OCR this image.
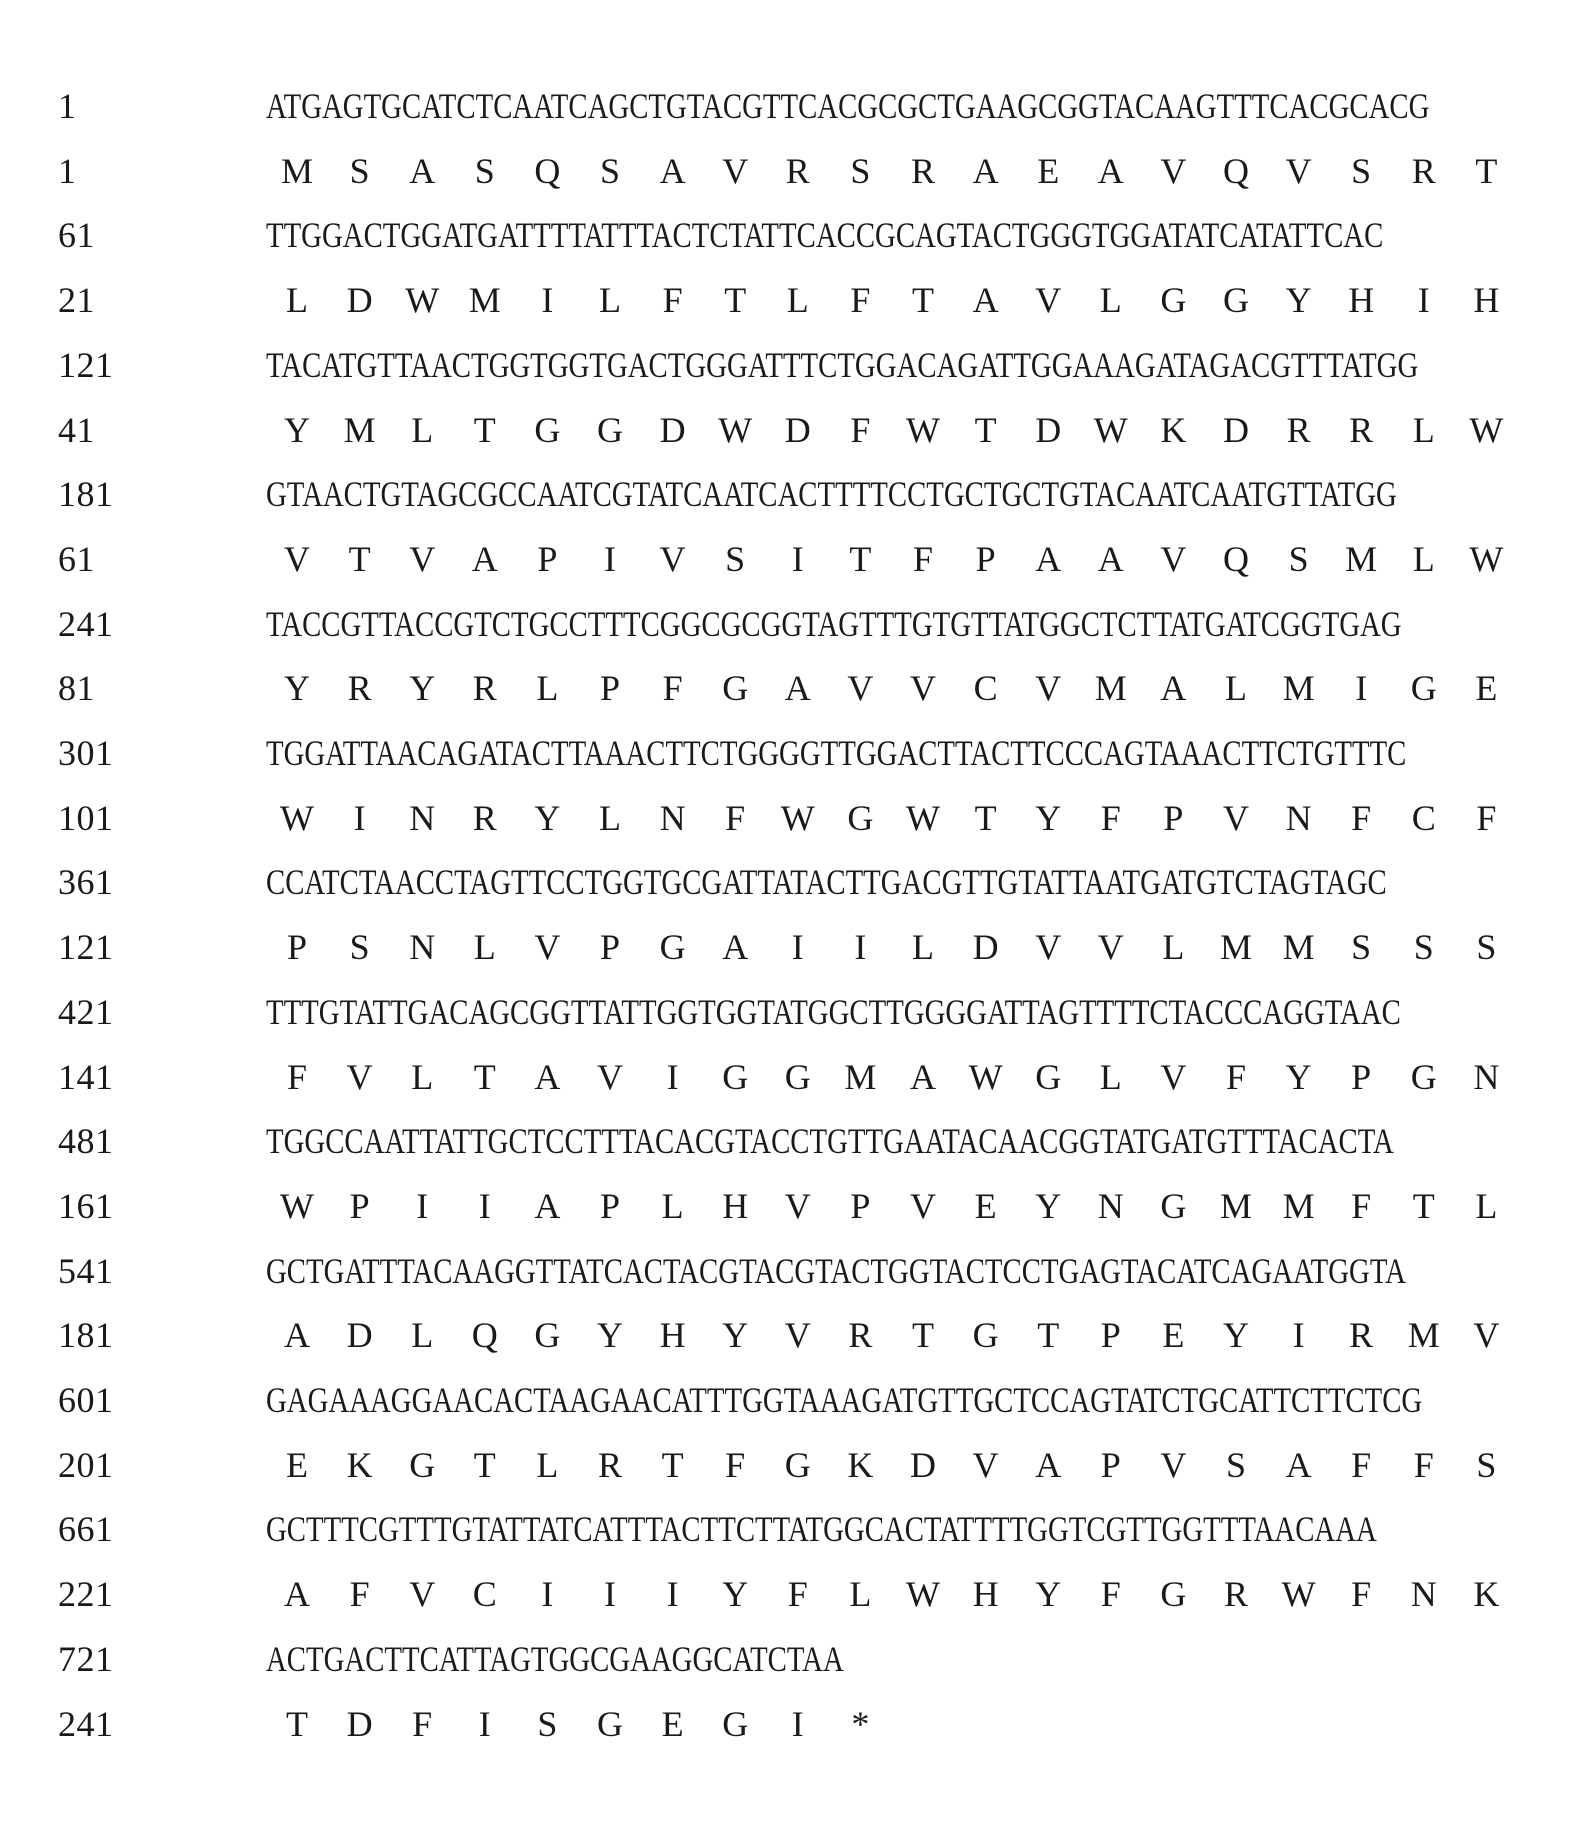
1	ATGAGTGCATCTCAATCAGCTGTACGTTCACGCGCTGAAGCGGTACAAGTTTCACGCACG
1	M S A S Q S A V R S R A E A V Q V S R T
61	TTGGACTGGATGATTTTATTTACTCTATTCACCGCAGTACTGGGTGGATATCATATTCAC
21	L D W M	I	L F T L F T A V L G G Y H	I	H
121	TACATGTTAACTGGTGGTGACTGGGATTTCTGGACAGATTGGAAAGATAGACGTTTATGG
41	Y M L T G G D W D F W T D W K D R R L W
181	GTAACTGTAGCGCCAATCGTATCAATCACTTTTCCTGCTGCTGTACAATCAATGTTATGG
61	V T V A P	I	V S	I	T F P A A V Q S M L W
241	TACCGTTACCGTCTGCCTTTCGGCGCGGTAGTTTGTGTTATGGCTCTTATGATCGGTGAG
81	Y R Y R L P F G A V V C V M A L M	I	G E
301	TGGATTAACAGATACTTAAACTTCTGGGGTTGGACTTACTTCCCAGTAAACTTCTGTTTC
101	W	I	N R Y L N F W G W T Y F P V N F C F
361	CCATCTAACCTAGTTCCTGGTGCGATTATACTTGACGTTGTATTAATGATGTCTAGTAGC
121	P S N L V P G A	I	I	L D V V L M M S S S
421	TTTGTATTGACAGCGGTTATTGGTGGTATGGCTTGGGGATTAGTTTTCTACCCAGGTAAC
141	F V L T A V	I	G G M A W G L V F Y P G N
481	TGGCCAATTATTGCTCCTTTACACGTACCTGTTGAATACAACGGTATGATGTTTACACTA
161	W P	I	I	A P L H V P V E Y N G M M F T L
541	GCTGATTTACAAGGTTATCACTACGTACGTACTGGTACTCCTGAGTACATCAGAATGGTA
181	A D L Q G Y H Y V R T G T P E Y	I	R M V
601	GAGAAAGGAACACTAAGAACATTTGGTAAAGATGTTGCTCCAGTATCTGCATTCTTCTCG
201	E K G T L R T F G K D V A P V S A F F S
661	GCTTTCGTTTGTATTATCATTTACTTCTTATGGCACTATTTTGGTCGTTGGTTTAACAAA
221	A F V C	I	I	I	Y F L W H Y F G R W F N K
721	ACTGACTTCATTAGTGGCGAAGGCATCTAA
241	T D F	I	S G E G	I	*
